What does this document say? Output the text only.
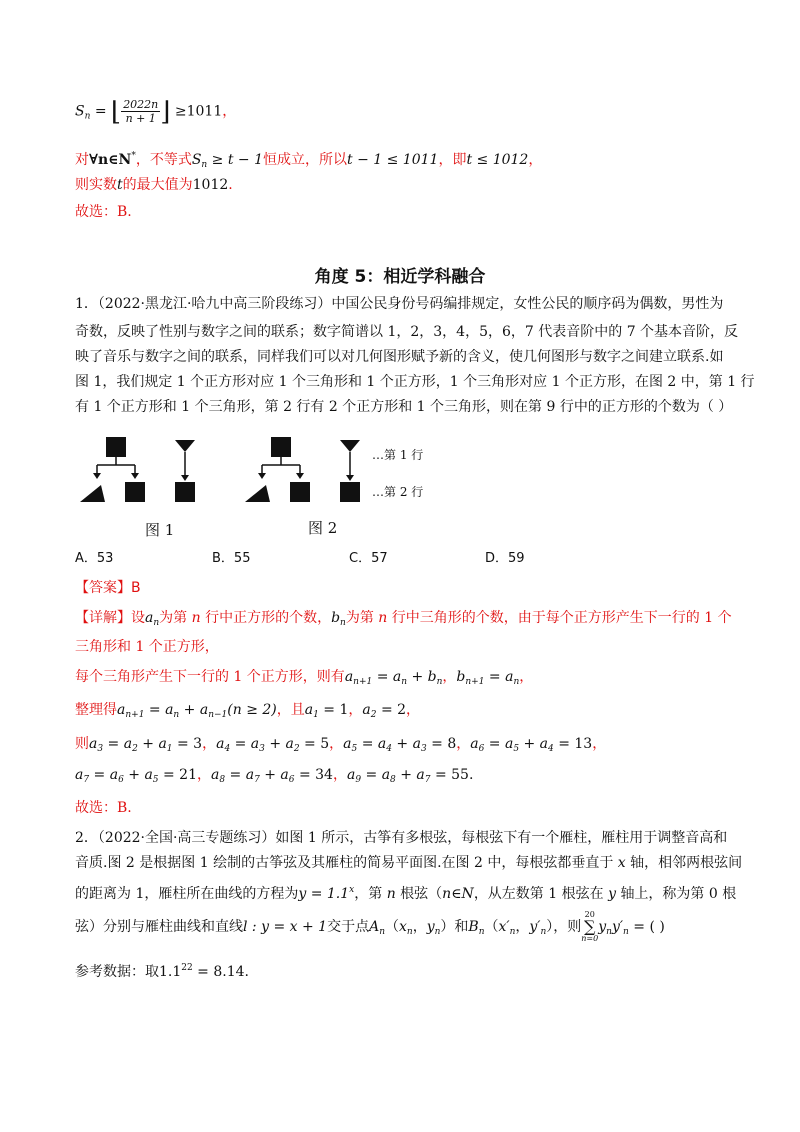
$S_n$ = ⌊ $\frac{2022n}{n + 1}$ ⌋ ≥1011，
对∀n∈N*，不等式$S_n \ge t - 1$恒成立，所以t − 1 ≤ 1011，即t ≤ 1012，
则实数t的最大值为1012.
故选：B.
角度 5：相近学科融合
1．（2022·黑龙江·哈九中高三阶段练习）中国公民身份号码编排规定，女性公民的顺序码为偶数，男性为
奇数，反映了性别与数字之间的联系；数字简谱以 1，2，3，4，5，6，7 代表音阶中的 7 个基本音阶，反
映了音乐与数字之间的联系，同样我们可以对几何图形赋予新的含义，使几何图形与数字之间建立联系.如
图 1，我们规定 1 个正方形对应 1 个三角形和 1 个正方形，1 个三角形对应 1 个正方形，在图 2 中，第 1 行
有 1 个正方形和 1 个三角形，第 2 行有 2 个正方形和 1 个三角形，则在第 9 行中的正方形的个数为（ ）
…第 1 行
…第 2 行
图 1	图 2
A．53	B．55	C．57	D．59
【答案】B
【详解】设$a_n$为第 n 行中正方形的个数，$b_n$为第 n 行中三角形的个数，由于每个正方形产生下一行的 1 个
三角形和 1 个正方形，
每个三角形产生下一行的 1 个正方形，则有$a_{n+1} = a_n + b_n$，$b_{n+1} = a_n$，
整理得$a_{n+1} = a_n + a_{n-1}(n \ge 2)$，且$a_1 = 1$，$a_2 = 2$，
则$a_3 = a_2 + a_1 = 3$，$a_4 = a_3 + a_2 = 5$，$a_5 = a_4 + a_3 = 8$，$a_6 = a_5 + a_4 = 13$，
$a_7 = a_6 + a_5 = 21$，$a_8 = a_7 + a_6 = 34$，$a_9 = a_8 + a_7 = 55$.
故选：B.
2．（2022·全国·高三专题练习）如图 1 所示，古筝有多根弦，每根弦下有一个雁柱，雁柱用于调整音高和
音质.图 2 是根据图 1 绘制的古筝弦及其雁柱的简易平面图.在图 2 中，每根弦都垂直于 x 轴，相邻两根弦间
的距离为 1，雁柱所在曲线的方程为$y = 1.1^x$，第 n 根弦（n∈N，从左数第 1 根弦在 y 轴上，称为第 0 根
弦）分别与雁柱曲线和直线l : y = x + 1交于点$A_n(x_n$，$y_n$）和$B_n(x'_n$，$y'_n$），则20
∑
$n=0y_ny'_n$ = ( )
参考数据：取$1.1^{22} = 8.14$.
